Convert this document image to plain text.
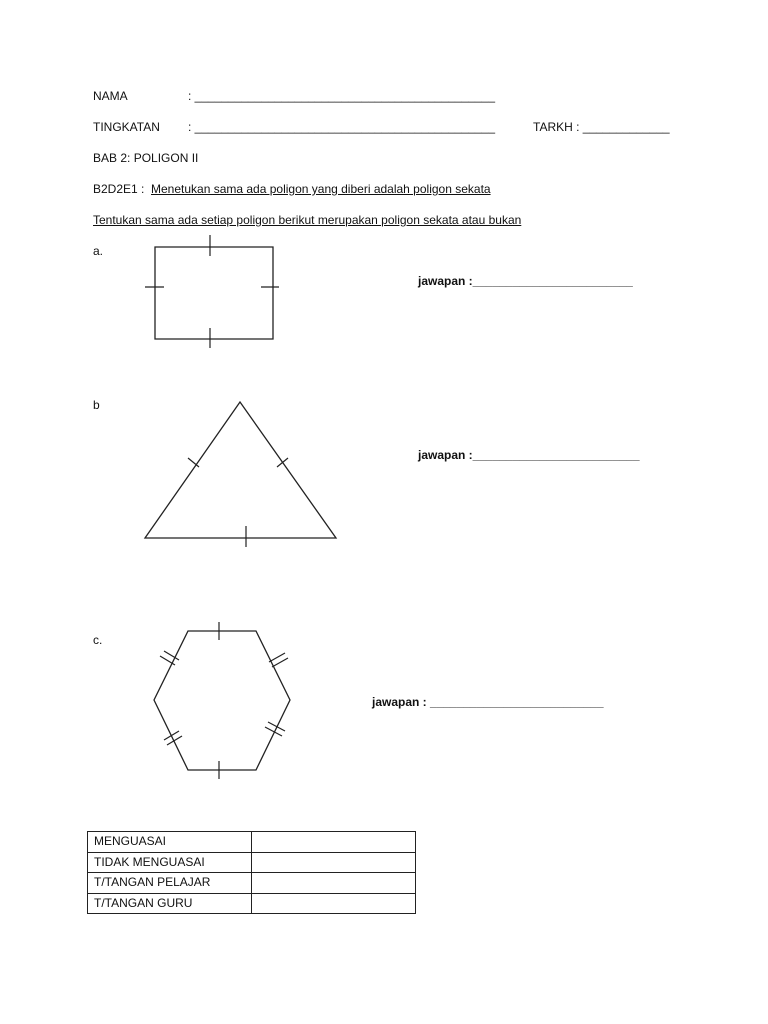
NAMA	: _____________________________________________
TINGKATAN : _____________________________________________	TARKH : _____________
BAB 2: POLIGON II
B2D2E1 : Menetukan sama ada poligon yang diberi adalah poligon sekata
Tentukan sama ada setiap poligon berikut merupakan poligon sekata atau bukan
a.
jawapan :________________________
b
jawapan :_________________________
c.
jawapan : __________________________
MENGUASAI	
TIDAK MENGUASAI	
T/TANGAN PELAJAR	
T/TANGAN GURU	
